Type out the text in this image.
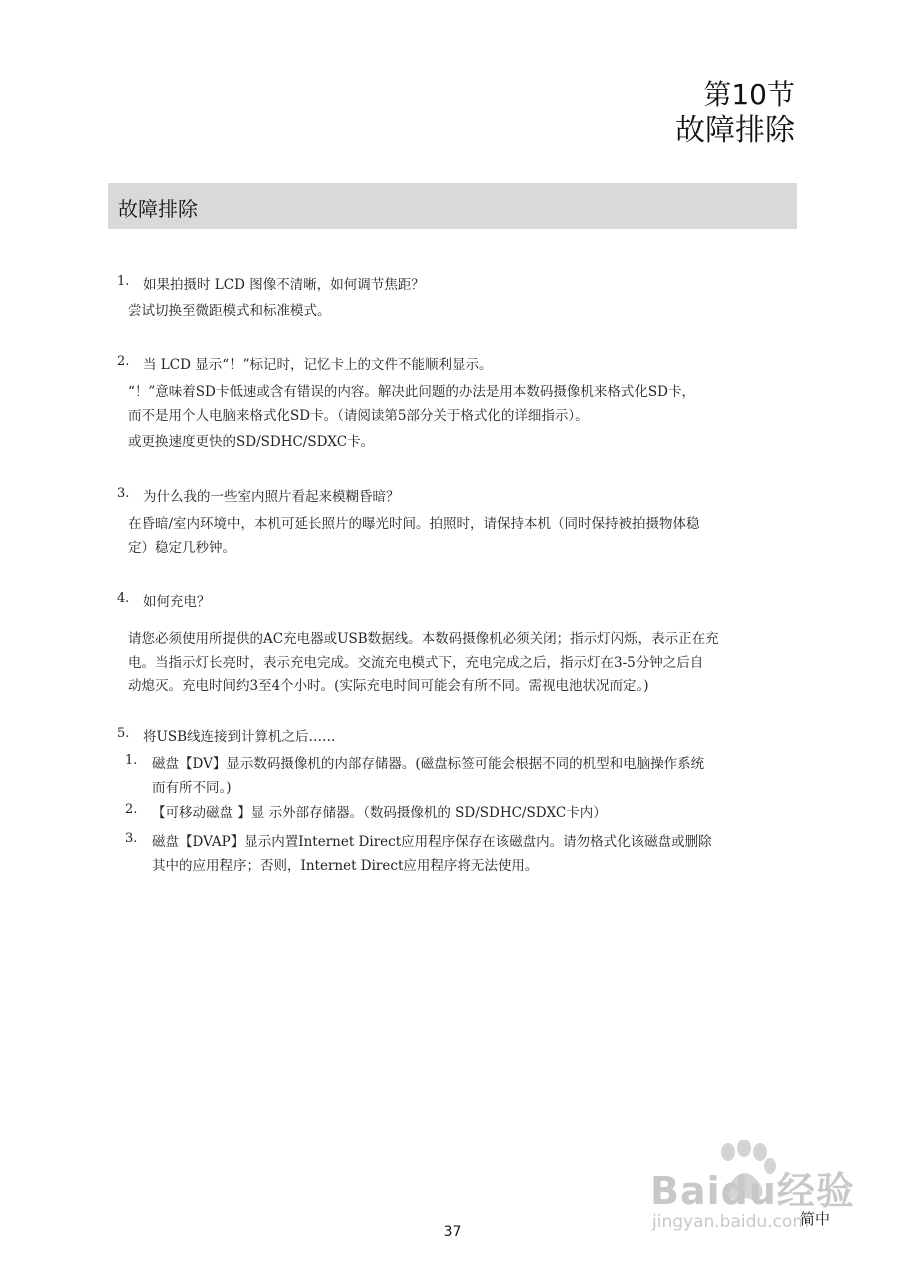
第10节
故障排除
故障排除
1. 如果拍摄时 LCD 图像不清晰，如何调节焦距？
尝试切换至微距模式和标准模式。
2. 当 LCD 显示“！”标记时，记忆卡上的文件不能顺利显示。
“！”意味着SD卡低速或含有错误的内容。解决此问题的办法是用本数码摄像机来格式化SD卡，
而不是用个人电脑来格式化SD卡。（请阅读第5部分关于格式化的详细指示）。
或更换速度更快的SD/SDHC/SDXC卡。
3. 为什么我的一些室内照片看起来模糊昏暗？
在昏暗/室内环境中，本机可延长照片的曝光时间。拍照时，请保持本机（同时保持被拍摄物体稳
定）稳定几秒钟。
4. 如何充电？
请您必须使用所提供的AC充电器或USB数据线。本数码摄像机必须关闭；指示灯闪烁，表示正在充
电。当指示灯长亮时，表示充电完成。交流充电模式下，充电完成之后，指示灯在3-5分钟之后自
动熄灭。充电时间约3至4个小时。(实际充电时间可能会有所不同。需视电池状况而定。)
5. 将USB线连接到计算机之后……
1. 磁盘【DV】显示数码摄像机的内部存储器。(磁盘标签可能会根据不同的机型和电脑操作系统
而有所不同。)
2. 【可移动磁盘 】显 示外部存储器。（数码摄像机的 SD/SDHC/SDXC卡内）
3. 磁盘【DVAP】显示内置Internet Direct应用程序保存在该磁盘内。请勿格式化该磁盘或删除
其中的应用程序；否则，Internet Direct应用程序将无法使用。
Baidu经验
jingyan.baidu.com
简中
37
